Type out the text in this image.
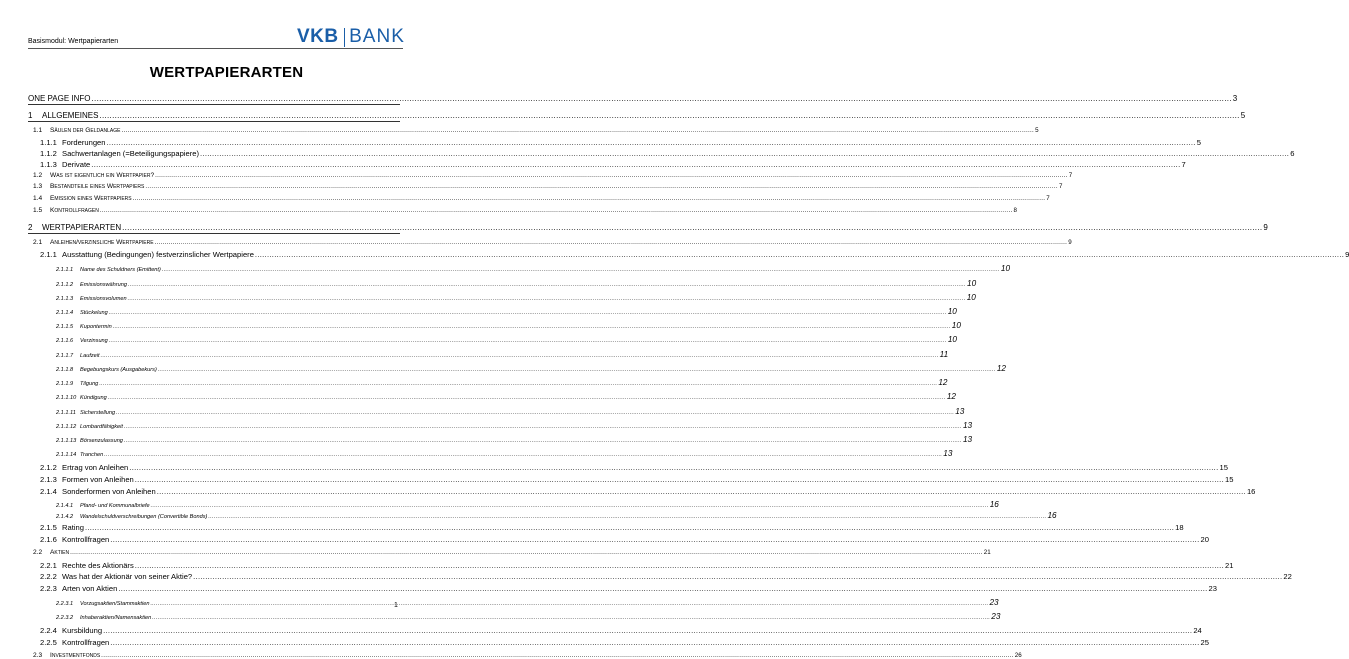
Basismodul: Wertpapierarten	VKB BANK
WERTPAPIERARTEN
ONE PAGE INFO .....	3
1 ALLGEMEINES .....	5
1.1 Säulen der Geldanlage .....	5
1.1.1 Forderungen .....	5
1.1.2 Sachwertanlagen (=Beteiligungspapiere) .....	6
1.1.3 Derivate .....	7
1.2 Was ist eigentlich ein Wertpapier? .....	7
1.3 Bestandteile eines Wertpapiers .....	7
1.4 Emission eines Wertpapiers .....	7
1.5 Kontrollfragen .....	8
2 WERTPAPIERARTEN .....	9
2.1 Anleihen/verzinsliche Wertpapiere .....	9
2.1.1 Ausstattung (Bedingungen) festverzinslicher Wertpapiere .....	9
2.1.1.1 Name des Schuldners (Emittent) .....	10
2.1.1.2 Emissionswährung .....	10
2.1.1.3 Emissionsvolumen .....	10
2.1.1.4 Stückelung .....	10
2.1.1.5 Kupontermin .....	10
2.1.1.6 Verzinsung .....	10
2.1.1.7 Laufzeit .....	11
2.1.1.8 Begebungskurs (Ausgabekurs) .....	12
2.1.1.9 Tilgung .....	12
2.1.1.10 Kündigung .....	12
2.1.1.11 Sicherstellung .....	13
2.1.1.12 Lombardfähigkeit .....	13
2.1.1.13 Börsenzulassung .....	13
2.1.1.14 Tranchen .....	13
2.1.2 Ertrag von Anleihen .....	15
2.1.3 Formen von Anleihen .....	15
2.1.4 Sonderformen von Anleihen .....	16
2.1.4.1 Pfand- und Kommunalbriefe .....	16
2.1.4.2 Wandelschuldverschreibungen (Convertible Bonds) .....	16
2.1.5 Rating .....	18
2.1.6 Kontrollfragen .....	20
2.2 Aktien .....	21
2.2.1 Rechte des Aktionärs .....	21
2.2.2 Was hat der Aktionär von seiner Aktie? .....	22
2.2.3 Arten von Aktien .....	23
2.2.3.1 Vorzugsaktien/Stammaktien .....	23
2.2.3.2 Inhaberaktien/Namensaktien .....	23
2.2.4 Kursbildung .....	24
2.2.5 Kontrollfragen .....	25
2.3 Investmentfonds .....	26
1
